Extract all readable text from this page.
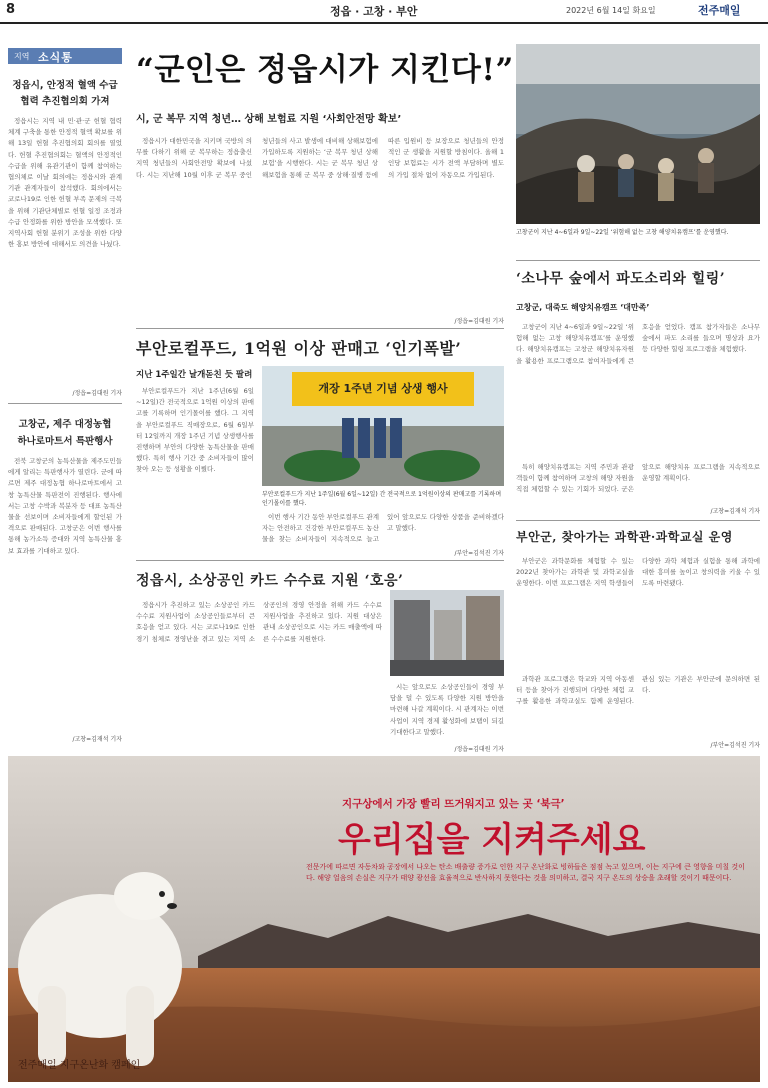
8	정읍 · 고창 · 부안	2022년 6월 14일 화요일	전주매일
지역 소식통
정읍시, 안정적 혈액 수급
협력 추진협의회 가져

정읍시는 지역 내 민·관·군 헌혈 협력체계 구축을 통한 안정적 혈액 확보를 위해 13일 헌혈 추진협의회 회의를 열었다. 헌혈 추진협의회는 혈액의 안정적인 수급을 위해 유관기관이 함께 참여하는 협의체로 이날 회의에는 정읍시와 관계기관 관계자들이 참석했다. 회의에서는 코로나19로 인한 헌혈 부족 문제의 극복을 위해 기관단체별로 헌혈 일정 조정과 수급 안정화를 위한 방안을 모색했다. 또 지역사회 헌혈 분위기 조성을 위한 다양한 홍보 방안에 대해서도 의견을 나눴다.

/정읍=김대원 기자
고창군, 제주 대정농협
하나로마트서 특판행사

전북 고창군의 농특산물을 제주도민들에게 알리는 특판행사가 열린다. 군에 따르면 제주 대정농협 하나로마트에서 고창 농특산물 특판전이 진행된다. 행사에서는 고창 수박과 복분자 등 대표 농특산물을 선보이며 소비자들에게 할인된 가격으로 판매된다. 고창군은 이번 행사를 통해 농가소득 증대와 지역 농특산물 홍보 효과를 기대하고 있다.

/고창=김재석 기자
“군인은 정읍시가 지킨다!”
시, 군 복무 지역 청년… 상해 보험료 지원 ‘사회안전망 확보’

정읍시가 대한민국을 지키며 국방의 의무를 다하기 위해 군 복무하는 정읍출신 지역 청년들의 사회안전망 확보에 나섰다. 시는 지난해 10월 이후 군 복무 중인 청년들의 사고 발생에 대비해 상해보험에 가입하도록 지원하는 ‘군 복무 청년 상해보험’을 시행한다. 시는 군 복무 청년 상해보험을 통해 군 복무 중 상해·질병 등에 따른 입원비 등 보장으로 청년들의 안정적인 군 생활을 지원할 방침이다. 올해 1인당 보험료는 시가 전액 부담하며 별도의 가입 절차 없이 자동으로 가입된다.

/정읍=김대원 기자
고창군이 지난 4~6일과 9일~22일 ‘위험해 없는 고창 해양치유캠프’를 운영했다.
부안로컬푸드, 1억원 이상 판매고 ‘인기폭발’
지난 1주일간 날개돋친 듯 팔려

부안로컬푸드가 지난 1주년(6월 6일~12일)간 전국적으로 1억원 이상의 판매고를 기록하며 인기몰이를 했다. 그 지역을 부안로컬푸드 직매장으로, 6월 6일부터 12일까지 개장 1주년 기념 상생행사를 진행하며 부안의 다양한 농특산물을 판매했다. 특히 행사 기간 중 소비자들이 많이 찾아 오는 등 성황을 이뤘다.

개장 1주년 기념 상생 행사
부안로컬푸드가 지난 1주일(6월 6일~12일) 간 전국적으로 1억원이상의 판매고를 기록하며 인기몰이를 했다.

이번 행사 기간 동안 부안로컬푸드 관계자는 안전하고 건강한 부안로컬푸드 농산물을 찾는 소비자들이 지속적으로 늘고 있어 앞으로도 다양한 상품을 준비하겠다고 말했다.

/부안=김석진 기자
정읍시, 소상공인 카드 수수료 지원 ‘호응’

정읍시가 추진하고 있는 소상공인 카드 수수료 지원사업이 소상공인들로부터 큰 호응을 얻고 있다. 시는 코로나19로 인한 경기 침체로 경영난을 겪고 있는 지역 소상공인의 경영 안정을 위해 카드 수수료 지원사업을 추진하고 있다. 지원 대상은 관내 소상공인으로 시는 카드 매출액에 따른 수수료를 지원한다.

시는 앞으로도 소상공인들이 경영 부담을 덜 수 있도록 다양한 지원 방안을 마련해 나갈 계획이다. 시 관계자는 이번 사업이 지역 경제 활성화에 보탬이 되길 기대한다고 말했다.

/정읍=김대원 기자
‘소나무 숲에서 파도소리와 힐링’
고창군, 대죽도 해양치유캠프 ‘대만족’

고창군이 지난 4~6일과 9일~22일 ‘위험해 없는 고창 해양치유캠프’를 운영했다. 해양치유캠프는 고창군 해양치유자원을 활용한 프로그램으로 참여자들에게 큰 호응을 얻었다. 캠프 참가자들은 소나무 숲에서 파도 소리를 들으며 명상과 요가 등 다양한 힐링 프로그램을 체험했다.

특히 해양치유캠프는 지역 주민과 관광객들이 함께 참여하며 고창의 해양 자원을 직접 체험할 수 있는 기회가 되었다. 군은 앞으로 해양치유 프로그램을 지속적으로 운영할 계획이다.

/고창=김재석 기자
부안군, 찾아가는 과학관·과학교실 운영

부안군은 과학문화를 체험할 수 있는 2022년 찾아가는 과학관 및 과학교실을 운영한다. 이번 프로그램은 지역 학생들이 다양한 과학 체험과 실험을 통해 과학에 대한 흥미를 높이고 창의력을 키울 수 있도록 마련됐다.

과학관 프로그램은 학교와 지역 아동센터 등을 찾아가 진행되며 다양한 체험 교구를 활용한 과학교실도 함께 운영된다. 관심 있는 기관은 부안군에 문의하면 된다.

/부안=김석진 기자
지구상에서 가장 빨리 뜨거워지고 있는 곳 ‘북극’
우리집을 지켜주세요
전문가에 따르면 자동차와 공장에서 나오는 탄소 배출량 증가로 인한 지구 온난화로 빙하들은 점점 녹고 있으며, 이는 지구에 큰 영향을 미칠 것이다. 해양 얼음의 손실은 지구가 태양 광선을 효율적으로 반사하지 못한다는 것을 의미하고, 결국 지구 온도의 상승을 초래할 것이기 때문이다.
전주매일 지구온난화 캠페인
